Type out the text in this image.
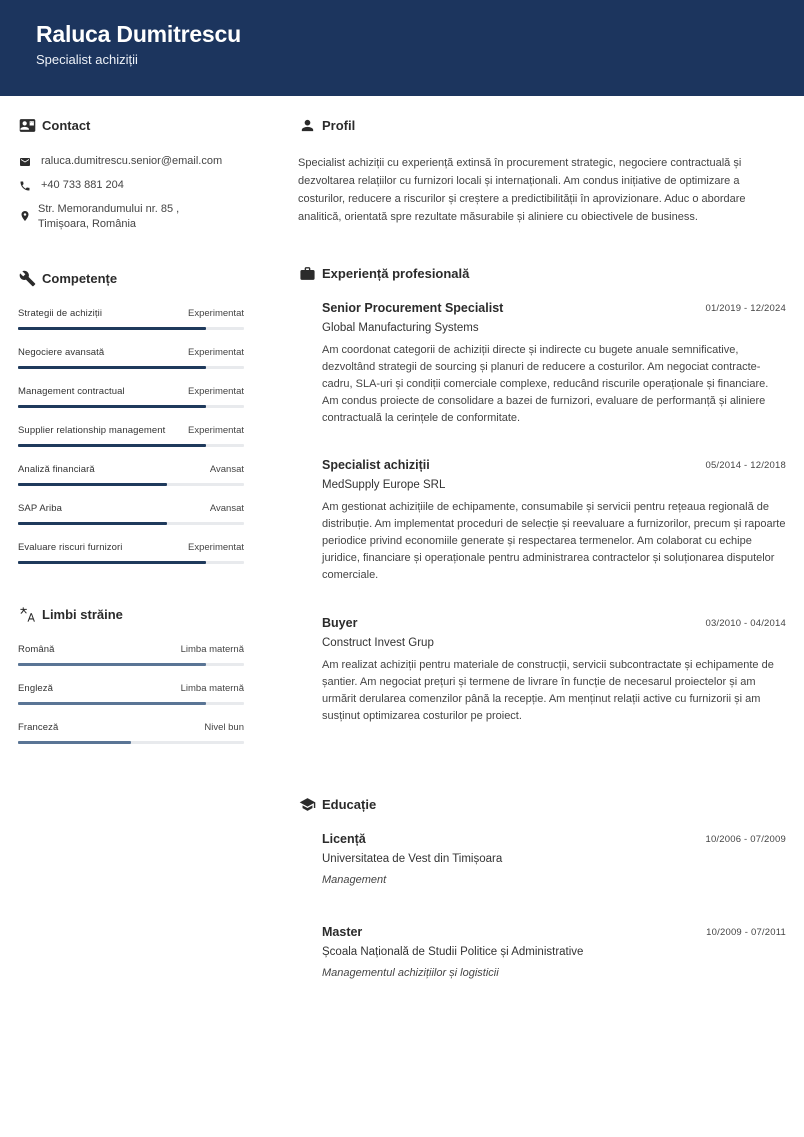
Raluca Dumitrescu
Specialist achiziții
Contact
raluca.dumitrescu.senior@email.com
+40 733 881 204
Str. Memorandumului nr. 85 ,
Timișoara, România
Competențe
Strategii de achiziții	Experimentat
Negociere avansată	Experimentat
Management contractual	Experimentat
Supplier relationship management Experimentat
Analiză financiară	Avansat
SAP Ariba	Avansat
Evaluare riscuri furnizori	Experimentat
Limbi străine
Română	Limba maternă
Engleză	Limba maternă
Franceză	Nivel bun
Profil
Specialist achiziții cu experiență extinsă în procurement strategic, negociere contractuală și dezvoltarea relațiilor cu furnizori locali și internaționali. Am condus inițiative de optimizare a costurilor, reducere a riscurilor și creștere a predictibilității în aprovizionare. Aduc o abordare analitică, orientată spre rezultate măsurabile și aliniere cu obiectivele de business.
Experiență profesională
Senior Procurement Specialist	01/2019 - 12/2024
Global Manufacturing Systems
Am coordonat categorii de achiziții directe și indirecte cu bugete anuale semnificative, dezvoltând strategii de sourcing și planuri de reducere a costurilor. Am negociat contracte-cadru, SLA-uri și condiții comerciale complexe, reducând riscurile operaționale și financiare. Am condus proiecte de consolidare a bazei de furnizori, evaluare de performanță și aliniere contractuală la cerințele de conformitate.
Specialist achiziții	05/2014 - 12/2018
MedSupply Europe SRL
Am gestionat achizițiile de echipamente, consumabile și servicii pentru rețeaua regională de distribuție. Am implementat proceduri de selecție și reevaluare a furnizorilor, precum și rapoarte periodice privind economiile generate și respectarea termenelor. Am colaborat cu echipe juridice, financiare și operaționale pentru administrarea contractelor și soluționarea disputelor comerciale.
Buyer	03/2010 - 04/2014
Construct Invest Grup
Am realizat achiziții pentru materiale de construcții, servicii subcontractate și echipamente de șantier. Am negociat prețuri și termene de livrare în funcție de necesarul proiectelor și am urmărit derularea comenzilor până la recepție. Am menținut relații active cu furnizorii și am susținut optimizarea costurilor pe proiect.
Educație
Licență	10/2006 - 07/2009
Universitatea de Vest din Timișoara
Management
Master	10/2009 - 07/2011
Școala Națională de Studii Politice și Administrative
Managementul achizițiilor și logisticii
